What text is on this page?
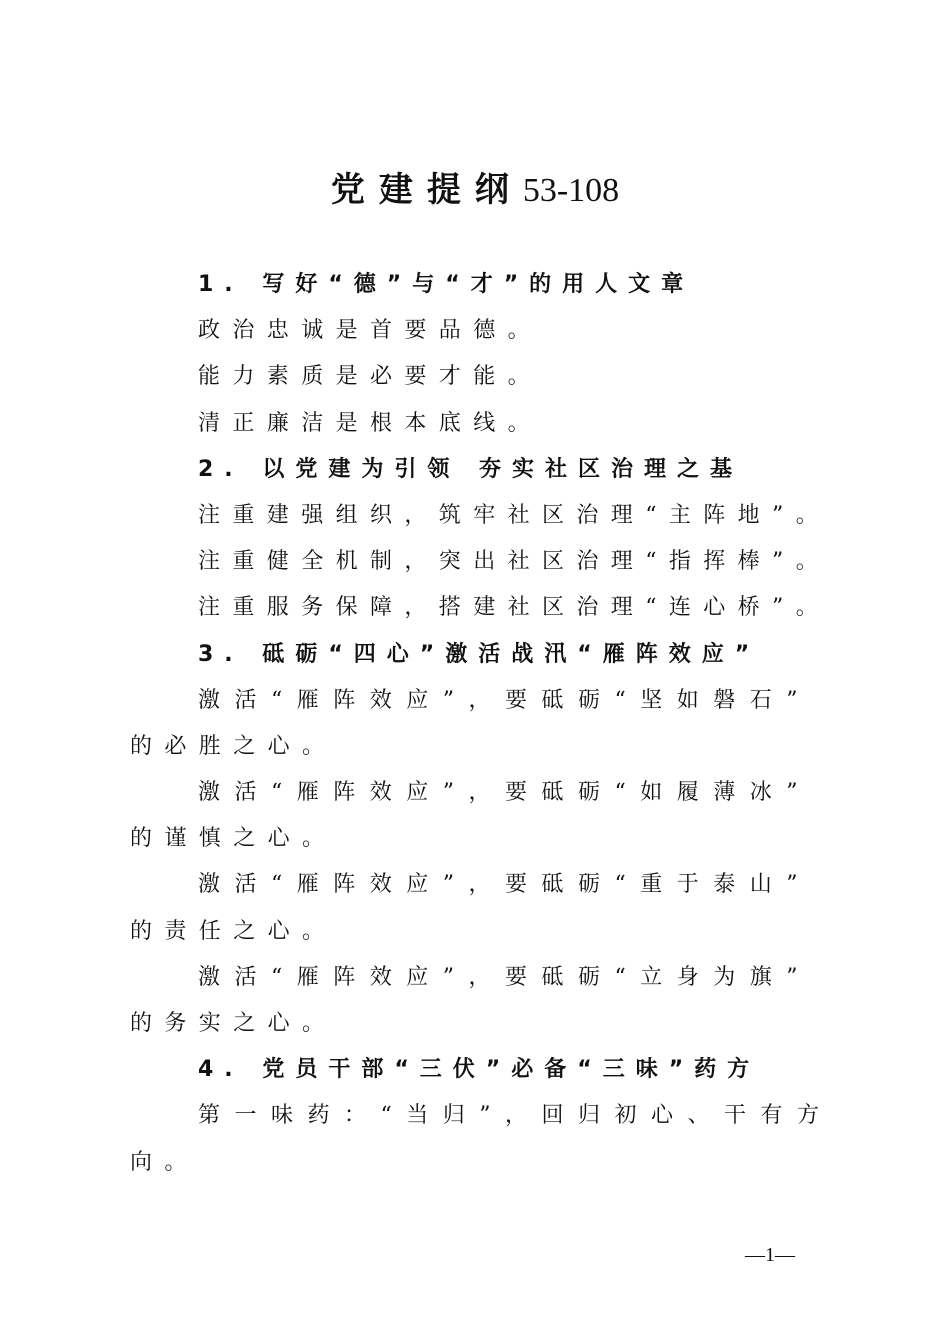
党建提纲53-108
1. 写好“德”与“才”的用人文章
政治忠诚是首要品德。
能力素质是必要才能。
清正廉洁是根本底线。
2. 以党建为引领 夯实社区治理之基
注重建强组织，筑牢社区治理“主阵地”。
注重健全机制，突出社区治理“指挥棒”。
注重服务保障，搭建社区治理“连心桥”。
3. 砥砺“四心”激活战汛“雁阵效应”
激活“雁阵效应”，要砥砺“坚如磐石”
的必胜之心。
激活“雁阵效应”，要砥砺“如履薄冰”
的谨慎之心。
激活“雁阵效应”，要砥砺“重于泰山”
的责任之心。
激活“雁阵效应”，要砥砺“立身为旗”
的务实之心。
4. 党员干部“三伏”必备“三味”药方
第一味药：“当归”，回归初心、干有方
向。
—1—
